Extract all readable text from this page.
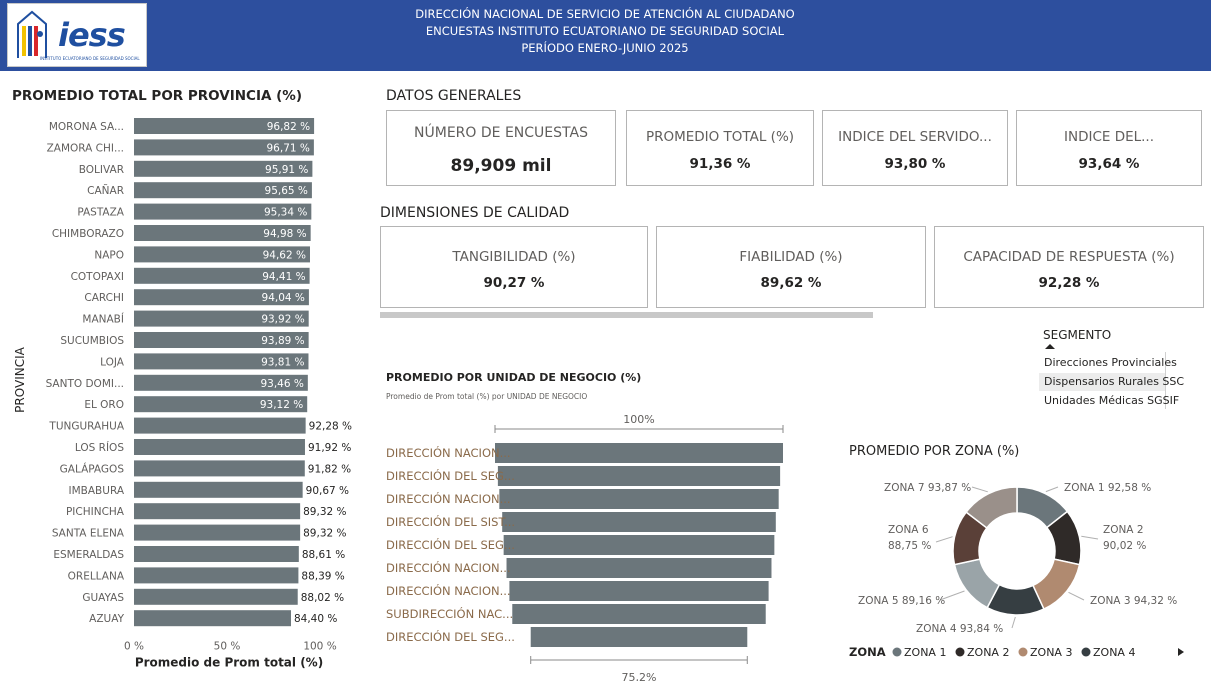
iess
INSTITUTO ECUATORIANO DE SEGURIDAD SOCIAL
DIRECCIÓN NACIONAL DE SERVICIO DE ATENCIÓN AL CIUDADANO
ENCUESTAS INSTITUTO ECUATORIANO DE SEGURIDAD SOCIAL
PERÍODO ENERO-JUNIO 2025
PROMEDIO TOTAL POR PROVINCIA (%)
MORONA SA...	96,82 %
ZAMORA CHI...	96,71 %
BOLIVAR	95,91 %
CAÑAR	95,65 %
PASTAZA	95,34 %
CHIMBORAZO	94,98 %
NAPO	94,62 %
COTOPAXI	94,41 %
CARCHI	94,04 %
MANABÍ	93,92 %
SUCUMBIOS	93,89 %
LOJA	93,81 %
SANTO DOMI...	93,46 %
EL ORO	93,12 %
TUNGURAHUA	92,28 %
LOS RÍOS	91,92 %
GALÁPAGOS	91,82 %
IMBABURA	90,67 %
PICHINCHA	89,32 %
SANTA ELENA	89,32 %
ESMERALDAS	88,61 %
ORELLANA	88,39 %
GUAYAS	88,02 %
AZUAY	84,40 %
0 %	50 %	100 %
Promedio de Prom total (%)
PROVINCIA
DATOS GENERALES
NÚMERO DE ENCUESTAS
89,909 mil
PROMEDIO TOTAL (%)
91,36 %
INDICE DEL SERVIDO...
93,80 %
INDICE DEL...
93,64 %
DIMENSIONES DE CALIDAD
TANGIBILIDAD (%)
90,27 %
FIABILIDAD (%)
89,62 %
CAPACIDAD DE RESPUESTA (%)
92,28 %
SEGMENTO
Direcciones Provinciales
Dispensarios Rurales SSC
Unidades Médicas SGSIF
PROMEDIO POR UNIDAD DE NEGOCIO (%)
Promedio de Prom total (%) por UNIDAD DE NEGOCIO
100%
DIRECCIÓN NACION...
DIRECCIÓN DEL SEG...
DIRECCIÓN NACION...
DIRECCIÓN DEL SIST...
DIRECCIÓN DEL SEG...
DIRECCIÓN NACION...
DIRECCIÓN NACION...
SUBDIRECCIÓN NAC...
DIRECCIÓN DEL SEG...
75,2%
PROMEDIO POR ZONA (%)
ZONA 1 92,58 %
ZONA 2
90,02 %
ZONA 3 94,32 %
ZONA 4 93,84 %
ZONA 5 89,16 %
ZONA 6
88,75 %
ZONA 7 93,87 %
ZONA ZONA 1 ZONA 2 ZONA 3 ZONA 4
